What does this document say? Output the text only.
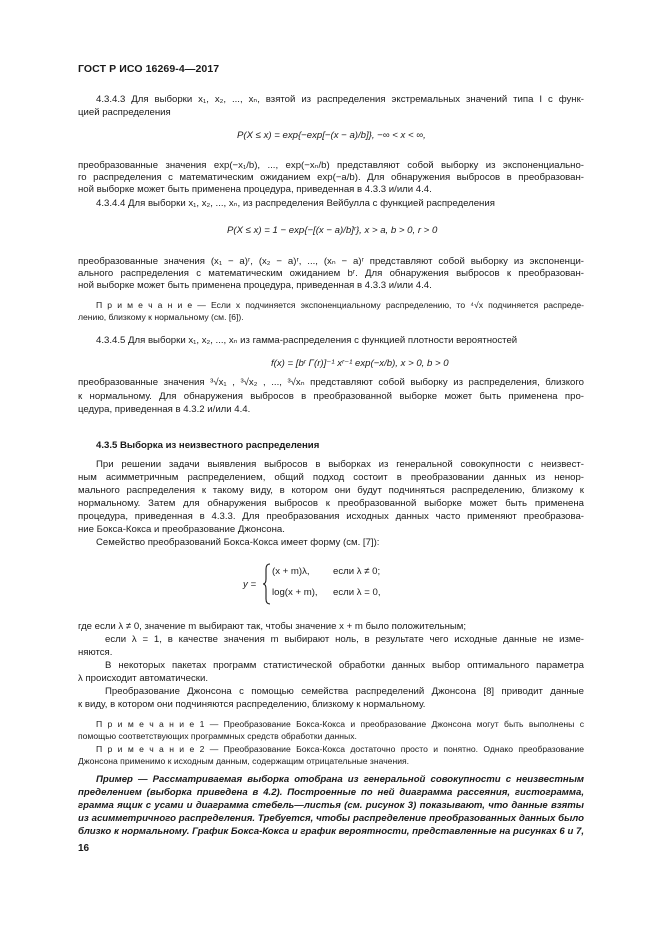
ГОСТ Р ИСО 16269-4—2017
4.3.4.3 Для выборки x₁, x₂, ..., xₙ, взятой из распределения экстремальных значений типа I с функ-
цией распределения
P(X ≤ x) = exp{−exp[−(x − a)/b]}, −∞ < x < ∞,
преобразованные значения exp(−x₁/b), ..., exp(−xₙ/b) представляют собой выборку из экспоненциально-
го распределения с математическим ожиданием exp(−a/b). Для обнаружения выбросов в преобразован-
ной выборке может быть применена процедура, приведенная в 4.3.3 и/или 4.4.
4.3.4.4 Для выборки x₁, x₂, ..., xₙ, из распределения Вейбулла с функцией распределения
P(X ≤ x) = 1 − exp{−[(x − a)/b]ʳ}, x > a, b > 0, r > 0
преобразованные значения (x₁ − a)ʳ, (x₂ − a)ʳ, ..., (xₙ − a)ʳ представляют собой выборку из экспоненци-
ального распределения с математическим ожиданием bʳ. Для обнаружения выбросов к преобразован-
ной выборке может быть применена процедура, приведенная в 4.3.3 и/или 4.4.
П р и м е ч а н и е — Если x подчиняется экспоненциальному распределению, то ⁴√x подчиняется распреде-
лению, близкому к нормальному (см. [6]).
4.3.4.5 Для выборки x₁, x₂, ..., xₙ из гамма-распределения с функцией плотности вероятностей
f(x) = [bʳ Γ(r)]⁻¹ xʳ⁻¹ exp(−x/b), x > 0, b > 0
преобразованные значения ³√x₁ , ³√x₂ , ..., ³√xₙ представляют собой выборку из распределения, близкого
к нормальному. Для обнаружения выбросов в преобразованной выборке может быть применена про-
цедура, приведенная в 4.3.2 и/или 4.4.
4.3.5 Выборка из неизвестного распределения
При решении задачи выявления выбросов в выборках из генеральной совокупности с неизвест-
ным асимметричным распределением, общий подход состоит в преобразовании данных из ненор-
мального распределения к такому виду, в котором они будут подчиняться распределению, близкому к
нормальному. Затем для обнаружения выбросов к преобразованной выборке может быть применена
процедура, приведенная в 4.3.3. Для преобразования исходных данных часто применяют преобразова-
ние Бокса-Кокса и преобразование Джонсона.
Семейство преобразований Бокса-Кокса имеет форму (см. [7]):
y =
(x + m)λ, если λ ≠ 0;
log(x + m), если λ = 0,
где если λ ≠ 0, значение m выбирают так, чтобы значение x + m было положительным;
если λ = 1, в качестве значения m выбирают ноль, в результате чего исходные данные не изме-
няются.
В некоторых пакетах программ статистической обработки данных выбор оптимального параметра
λ происходит автоматически.
Преобразование Джонсона с помощью семейства распределений Джонсона [8] приводит данные
к виду, в котором они подчиняются распределению, близкому к нормальному.
П р и м е ч а н и е 1 — Преобразование Бокса-Кокса и преобразование Джонсона могут быть выполнены с
помощью соответствующих программных средств обработки данных.
П р и м е ч а н и е 2 — Преобразование Бокса-Кокса достаточно просто и понятно. Однако преобразование
Джонсона применимо к исходным данным, содержащим отрицательные значения.
Пример — Рассматриваемая выборка отобрана из генеральной совокупности с неизвестным
пределением (выборка приведена в 4.2). Построенные по ней диаграмма рассеяния, гистограмма,
грамма ящик с усами и диаграмма стебель—листья (см. рисунок 3) показывают, что данные взяты
из асимметричного распределения. Требуется, чтобы распределение преобразованных данных было
близко к нормальному. График Бокса-Кокса и график вероятности, представленные на рисунках 6 и 7,
16
